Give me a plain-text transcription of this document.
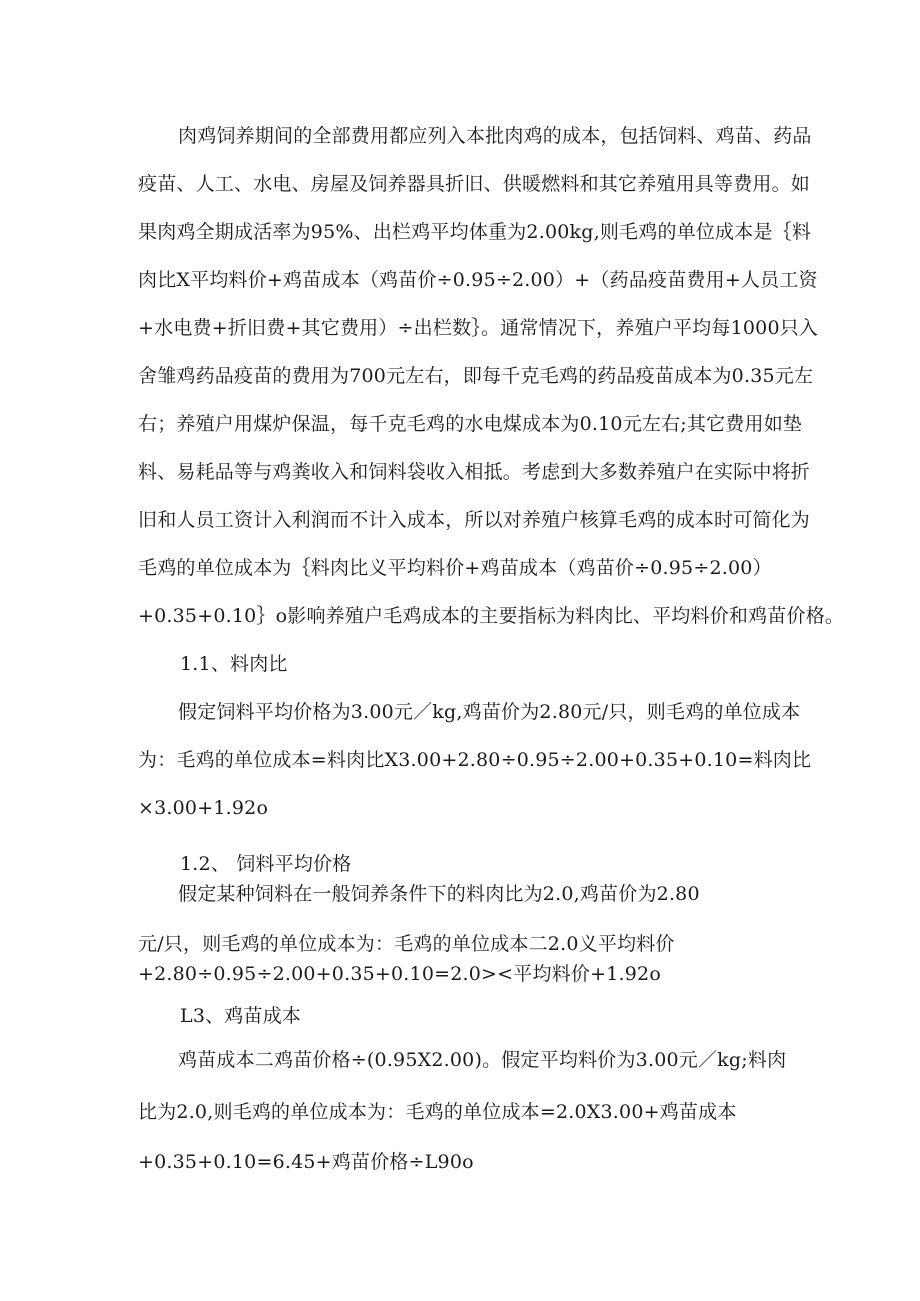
肉鸡饲养期间的全部费用都应列入本批肉鸡的成本，包括饲料、鸡苗、药品
疫苗、人工、水电、房屋及饲养器具折旧、供暖燃料和其它养殖用具等费用。如
果肉鸡全期成活率为95%、出栏鸡平均体重为2.00kg,则毛鸡的单位成本是｛料
肉比X平均料价+鸡苗成本（鸡苗价÷0.95÷2.00）+（药品疫苗费用+人员工资
+水电费+折旧费+其它费用）÷出栏数｝。通常情况下，养殖户平均每1000只入
舍雏鸡药品疫苗的费用为700元左右，即每千克毛鸡的药品疫苗成本为0.35元左
右；养殖户用煤炉保温，每千克毛鸡的水电煤成本为0.10元左右;其它费用如垫
料、易耗品等与鸡粪收入和饲料袋收入相抵。考虑到大多数养殖户在实际中将折
旧和人员工资计入利润而不计入成本，所以对养殖户核算毛鸡的成本时可简化为
毛鸡的单位成本为｛料肉比义平均料价+鸡苗成本（鸡苗价÷0.95÷2.00）
+0.35+0.10｝o影响养殖户毛鸡成本的主要指标为料肉比、平均料价和鸡苗价格。
1.1、料肉比
假定饲料平均价格为3.00元／kg,鸡苗价为2.80元/只，则毛鸡的单位成本
为：毛鸡的单位成本=料肉比X3.00+2.80÷0.95÷2.00+0.35+0.10=料肉比
×3.00+1.92o
1.2、 饲料平均价格
假定某种饲料在一般饲养条件下的料肉比为2.0,鸡苗价为2.80
元/只，则毛鸡的单位成本为：毛鸡的单位成本二2.0义平均料价
+2.80÷0.95÷2.00+0.35+0.10=2.0><平均料价+1.92o
L3、鸡苗成本
鸡苗成本二鸡苗价格÷(0.95X2.00)。假定平均料价为3.00元／kg;料肉
比为2.0,则毛鸡的单位成本为：毛鸡的单位成本=2.0X3.00+鸡苗成本
+0.35+0.10=6.45+鸡苗价格÷L90o
